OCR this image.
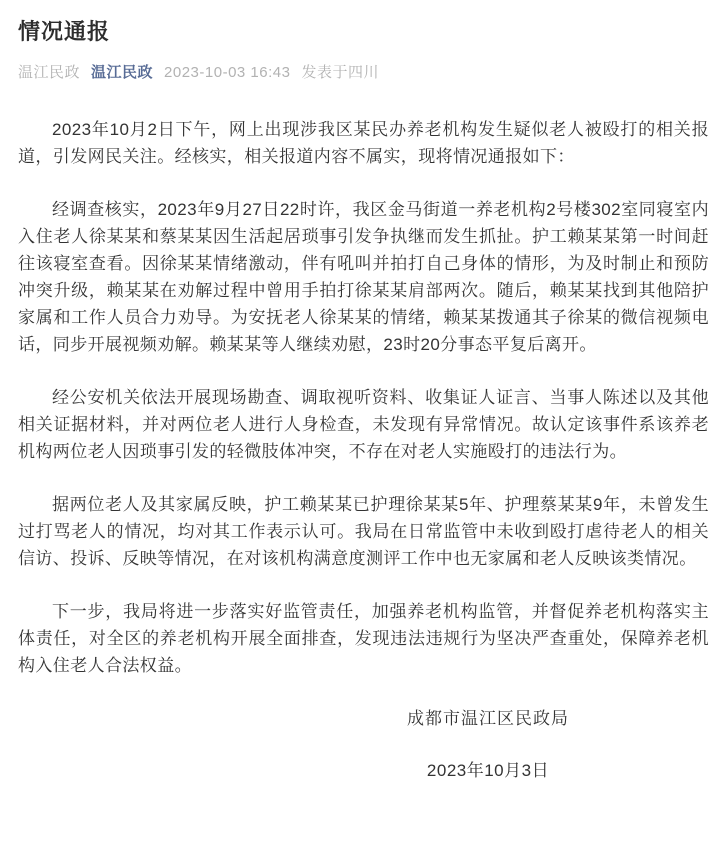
情况通报
温江民政 温江民政 2023-10-03 16:43 发表于四川

2023年10月2日下午，网上出现涉我区某民办养老机构发生疑似老人被殴打的相关报道，引发网民关注。经核实，相关报道内容不属实，现将情况通报如下：

经调查核实，2023年9月27日22时许，我区金马街道一养老机构2号楼302室同寝室内入住老人徐某某和蔡某某因生活起居琐事引发争执继而发生抓扯。护工赖某某第一时间赶往该寝室查看。因徐某某情绪激动，伴有吼叫并拍打自己身体的情形，为及时制止和预防冲突升级，赖某某在劝解过程中曾用手拍打徐某某肩部两次。随后，赖某某找到其他陪护家属和工作人员合力劝导。为安抚老人徐某某的情绪，赖某某拨通其子徐某的微信视频电话，同步开展视频劝解。赖某某等人继续劝慰，23时20分事态平复后离开。

经公安机关依法开展现场勘查、调取视听资料、收集证人证言、当事人陈述以及其他相关证据材料，并对两位老人进行人身检查，未发现有异常情况。故认定该事件系该养老机构两位老人因琐事引发的轻微肢体冲突，不存在对老人实施殴打的违法行为。

据两位老人及其家属反映，护工赖某某已护理徐某某5年、护理蔡某某9年，未曾发生过打骂老人的情况，均对其工作表示认可。我局在日常监管中未收到殴打虐待老人的相关信访、投诉、反映等情况，在对该机构满意度测评工作中也无家属和老人反映该类情况。

下一步，我局将进一步落实好监管责任，加强养老机构监管，并督促养老机构落实主体责任，对全区的养老机构开展全面排查，发现违法违规行为坚决严查重处，保障养老机构入住老人合法权益。

成都市温江区民政局
2023年10月3日
